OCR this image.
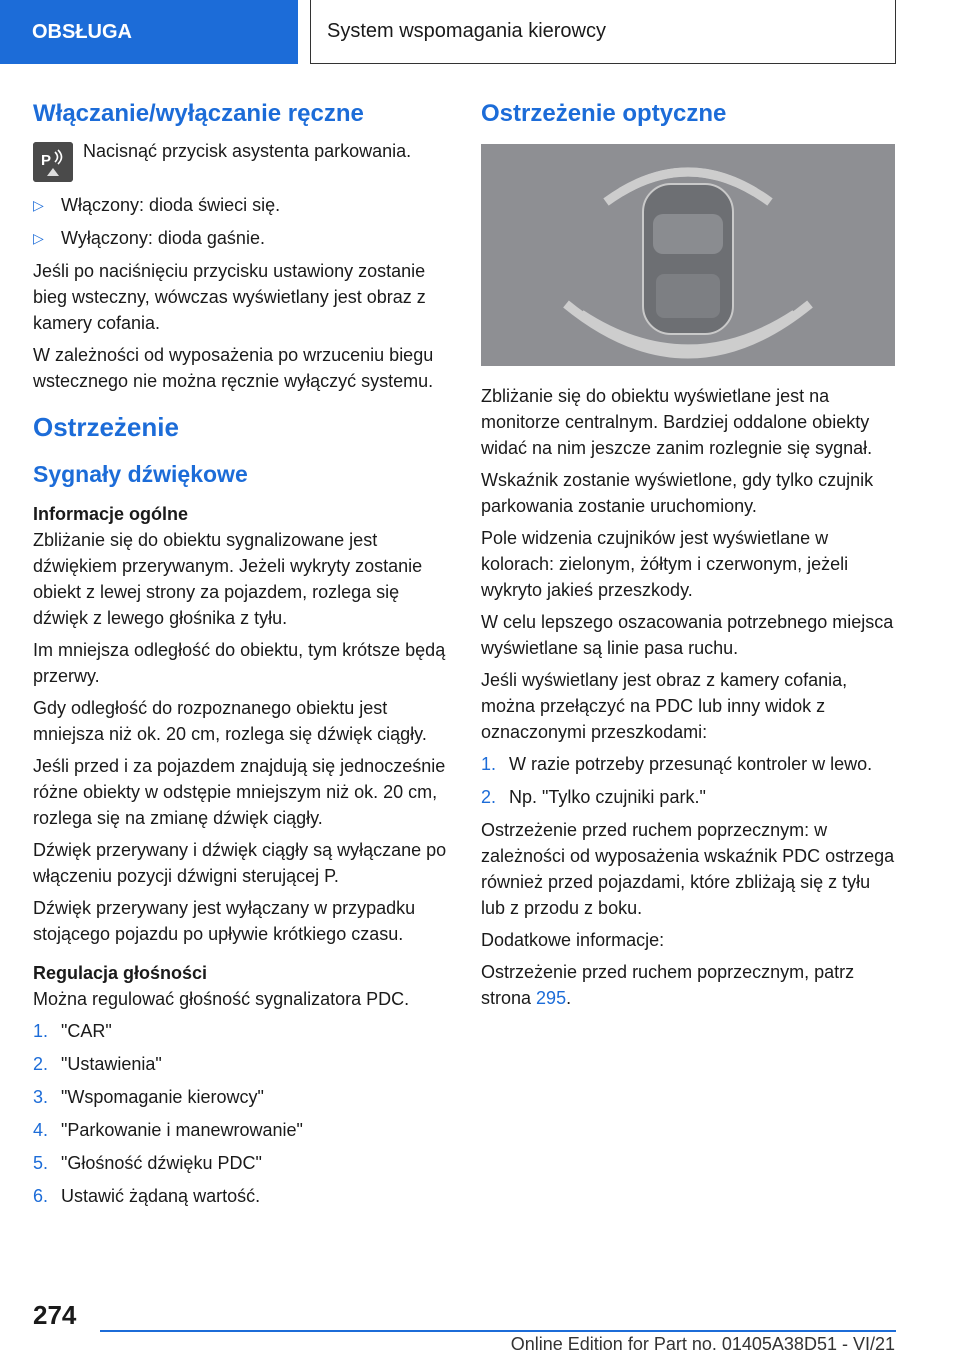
OBSŁUGA	System wspomagania kierowcy
Włączanie/wyłączanie ręczne
P Nacisnąć przycisk asystenta parkowania.

▷ Włączony: dioda świeci się.
▷ Wyłączony: dioda gaśnie.

Jeśli po naciśnięciu przycisku ustawiony zostanie bieg wsteczny, wówczas wyświetlany jest obraz z kamery cofania.

W zależności od wyposażenia po wrzuceniu biegu wstecznego nie można ręcznie wyłączyć systemu.

Ostrzeżenie
Sygnały dźwiękowe
Informacje ogólne

Zbliżanie się do obiektu sygnalizowane jest dźwiękiem przerywanym. Jeżeli wykryty zostanie obiekt z lewej strony za pojazdem, rozlega się dźwięk z lewego głośnika z tyłu.

Im mniejsza odległość do obiektu, tym krótsze będą przerwy.

Gdy odległość do rozpoznanego obiektu jest mniejsza niż ok. 20 cm, rozlega się dźwięk ciągły.

Jeśli przed i za pojazdem znajdują się jednocześnie różne obiekty w odstępie mniejszym niż ok. 20 cm, rozlega się na zmianę dźwięk ciągły.

Dźwięk przerywany i dźwięk ciągły są wyłączane po włączeniu pozycji dźwigni sterującej P.

Dźwięk przerywany jest wyłączany w przypadku stojącego pojazdu po upływie krótkiego czasu.

Regulacja głośności

Można regulować głośność sygnalizatora PDC.

1. "CAR"
2. "Ustawienia"
3. "Wspomaganie kierowcy"
4. "Parkowanie i manewrowanie"
5. "Głośność dźwięku PDC"
6. Ustawić żądaną wartość.
Ostrzeżenie optyczne

Zbliżanie się do obiektu wyświetlane jest na monitorze centralnym. Bardziej oddalone obiekty widać na nim jeszcze zanim rozlegnie się sygnał.

Wskaźnik zostanie wyświetlone, gdy tylko czujnik parkowania zostanie uruchomiony.

Pole widzenia czujników jest wyświetlane w kolorach: zielonym, żółtym i czerwonym, jeżeli wykryto jakieś przeszkody.

W celu lepszego oszacowania potrzebnego miejsca wyświetlane są linie pasa ruchu.

Jeśli wyświetlany jest obraz z kamery cofania, można przełączyć na PDC lub inny widok z oznaczonymi przeszkodami:

1. W razie potrzeby przesunąć kontroler w lewo.
2. Np. "Tylko czujniki park."

Ostrzeżenie przed ruchem poprzecznym: w zależności od wyposażenia wskaźnik PDC ostrzega również przed pojazdami, które zbliżają się z tyłu lub z przodu z boku.

Dodatkowe informacje:

Ostrzeżenie przed ruchem poprzecznym, patrz strona 295.

274
Online Edition for Part no. 01405A38D51 - VI/21
